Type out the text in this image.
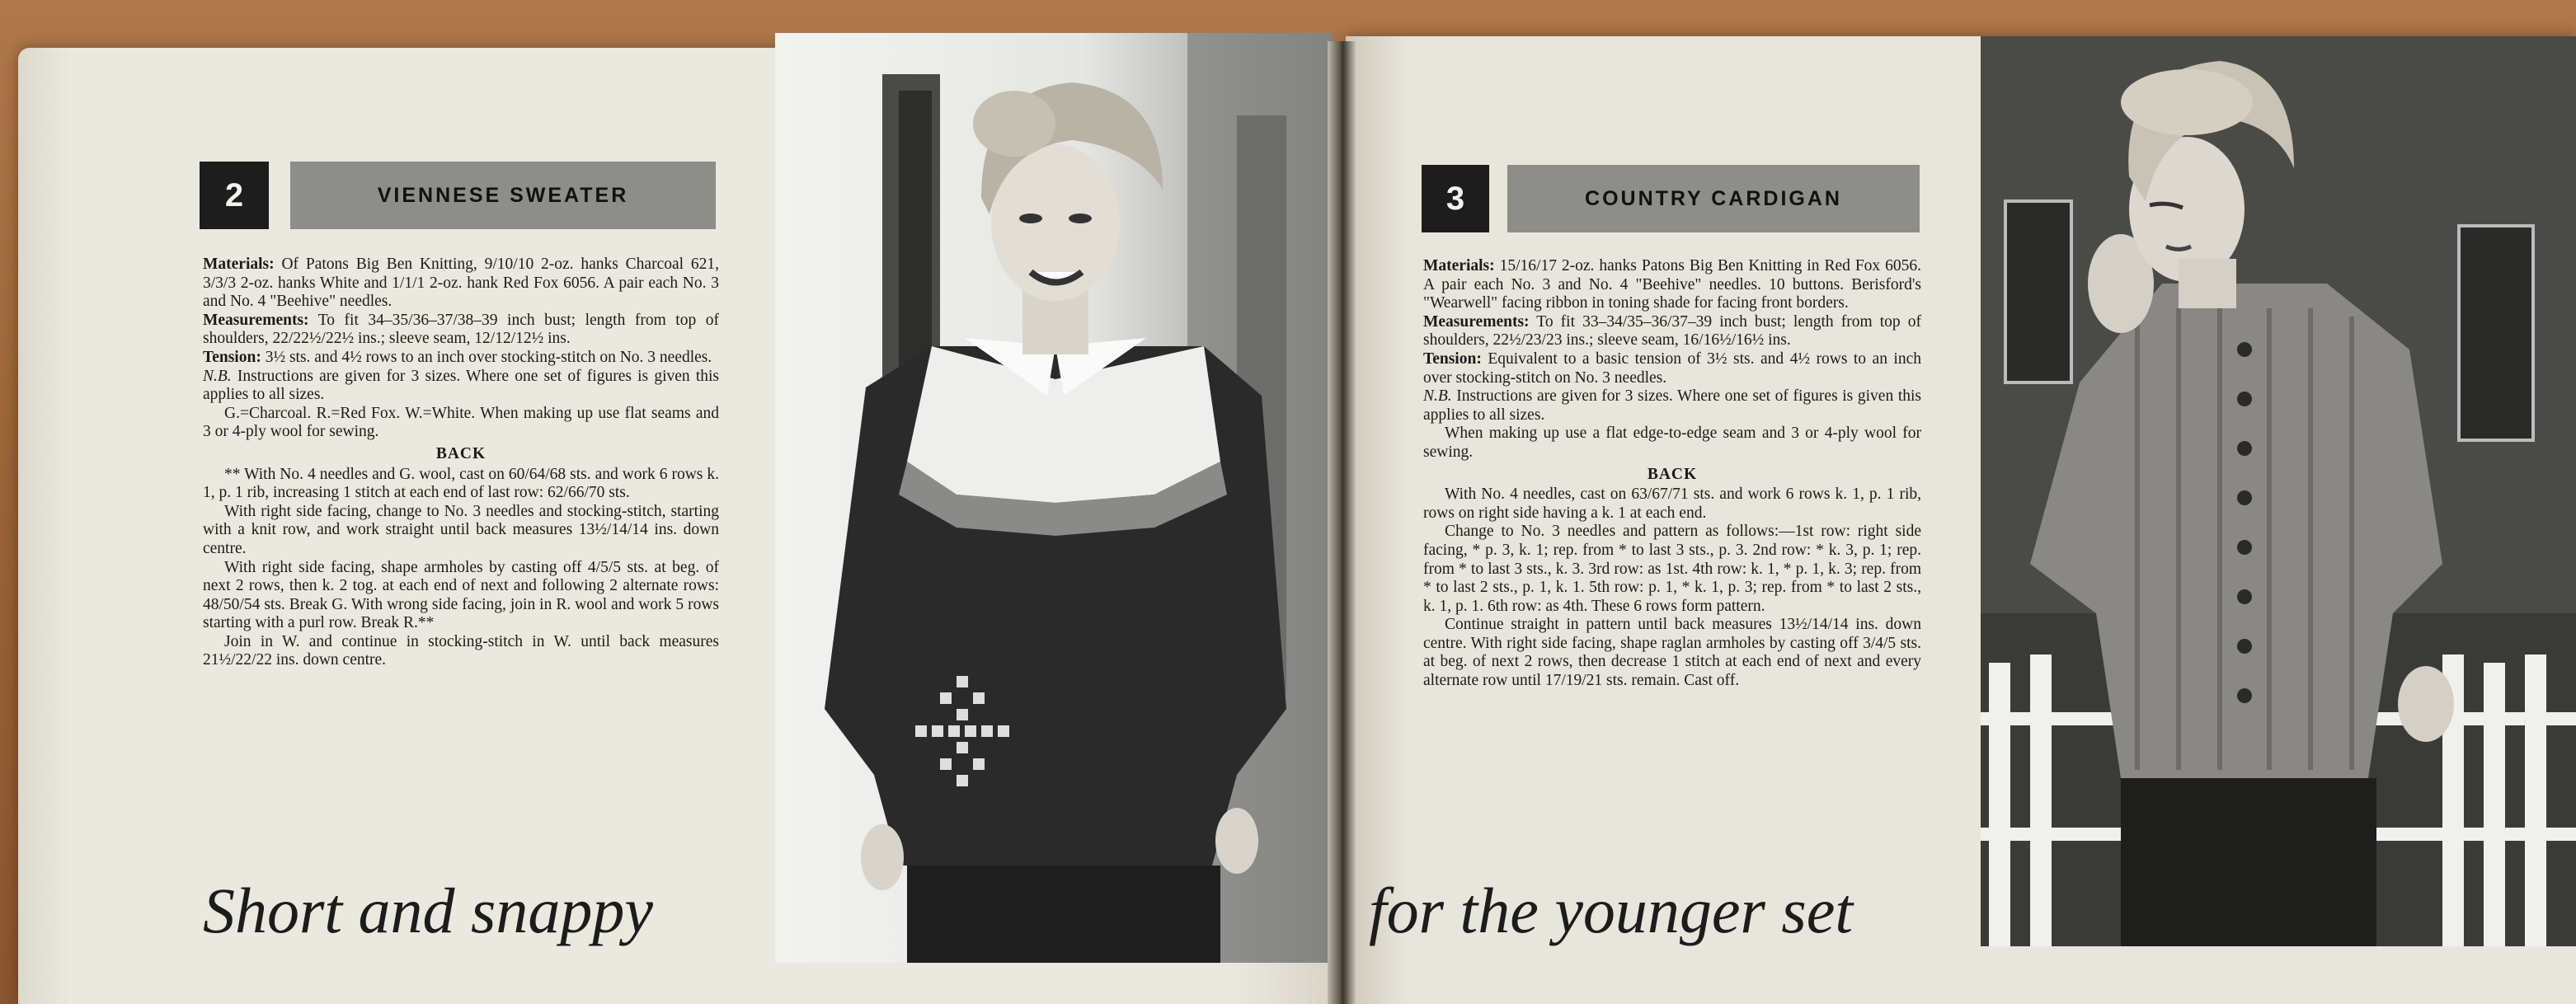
2	VIENNESE SWEATER

Materials: Of Patons Big Ben Knitting, 9/10/10 2-oz. hanks Charcoal 621, 3/3/3 2-oz. hanks White and 1/1/1 2-oz. hank Red Fox 6056. A pair each No. 3 and No. 4 "Beehive" needles.

Measurements: To fit 34–35/36–37/38–39 inch bust; length from top of shoulders, 22/22½/22½ ins.; sleeve seam, 12/12/12½ ins.

Tension: 3½ sts. and 4½ rows to an inch over stocking-stitch on No. 3 needles.

N.B. Instructions are given for 3 sizes. Where one set of figures is given this applies to all sizes.

G.=Charcoal. R.=Red Fox. W.=White. When making up use flat seams and 3 or 4-ply wool for sewing.

BACK

** With No. 4 needles and G. wool, cast on 60/64/68 sts. and work 6 rows k. 1, p. 1 rib, increasing 1 stitch at each end of last row: 62/66/70 sts.

With right side facing, change to No. 3 needles and stocking-stitch, starting with a knit row, and work straight until back measures 13½/14/14 ins. down centre.

With right side facing, shape armholes by casting off 4/5/5 sts. at beg. of next 2 rows, then k. 2 tog. at each end of next and following 2 alternate rows: 48/50/54 sts. Break G. With wrong side facing, join in R. wool and work 5 rows starting with a purl row. Break R.**

Join in W. and continue in stocking-stitch in W. until back measures 21½/22/22 ins. down centre.

Short and snappy
3	COUNTRY CARDIGAN

Materials: 15/16/17 2-oz. hanks Patons Big Ben Knitting in Red Fox 6056. A pair each No. 3 and No. 4 "Beehive" needles. 10 buttons. Berisford's "Wearwell" facing ribbon in toning shade for facing front borders.

Measurements: To fit 33–34/35–36/37–39 inch bust; length from top of shoulders, 22½/23/23 ins.; sleeve seam, 16/16½/16½ ins.

Tension: Equivalent to a basic tension of 3½ sts. and 4½ rows to an inch over stocking-stitch on No. 3 needles.

N.B. Instructions are given for 3 sizes. Where one set of figures is given this applies to all sizes.

When making up use a flat edge-to-edge seam and 3 or 4-ply wool for sewing.

BACK

With No. 4 needles, cast on 63/67/71 sts. and work 6 rows k. 1, p. 1 rib, rows on right side having a k. 1 at each end.

Change to No. 3 needles and pattern as follows:—1st row: right side facing, * p. 3, k. 1; rep. from * to last 3 sts., p. 3. 2nd row: * k. 3, p. 1; rep. from * to last 3 sts., k. 3. 3rd row: as 1st. 4th row: k. 1, * p. 1, k. 3; rep. from * to last 2 sts., p. 1, k. 1. 5th row: p. 1, * k. 1, p. 3; rep. from * to last 2 sts., k. 1, p. 1. 6th row: as 4th. These 6 rows form pattern.

Continue straight in pattern until back measures 13½/14/14 ins. down centre. With right side facing, shape raglan armholes by casting off 3/4/5 sts. at beg. of next 2 rows, then decrease 1 stitch at each end of next and every alternate row until 17/19/21 sts. remain. Cast off.

for the younger set
